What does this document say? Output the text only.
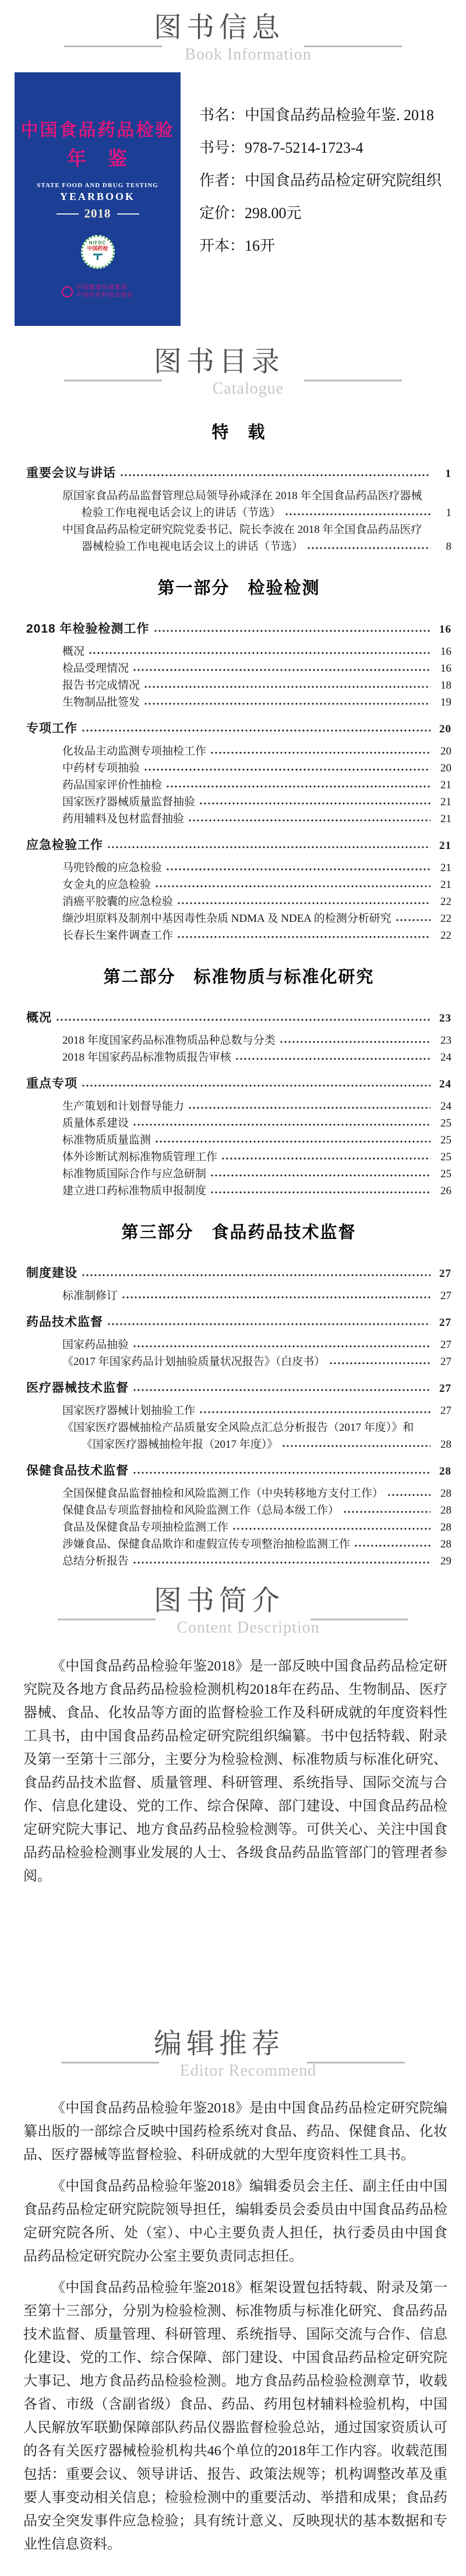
图书信息
Book Information
中国食品药品检验
年　鉴
STATE FOOD AND DRUG TESTING
YEARBOOK
2018
NIFDC
中国药检
中国健康传媒集团
中国医药科技出版社
书名：中国食品药品检验年鉴. 2018
书号：978-7-5214-1723-4
作者：中国食品药品检定研究院组织
定价：298.00元
开本：16开
图书目录
Catalogue
特　载
重要会议与讲话	1
原国家食品药品监督管理总局领导孙咸泽在 2018 年全国食品药品医疗器械
检验工作电视电话会议上的讲话（节选）	1
中国食品药品检定研究院党委书记、院长李波在 2018 年全国食品药品医疗
器械检验工作电视电话会议上的讲话（节选）	8
第一部分　检验检测
2018 年检验检测工作	16
概况	16
检品受理情况	16
报告书完成情况	18
生物制品批签发	19
专项工作	20
化妆品主动监测专项抽检工作	20
中药材专项抽验	20
药品国家评价性抽检	21
国家医疗器械质量监督抽验	21
药用辅料及包材监督抽验	21
应急检验工作	21
马兜铃酸的应急检验	21
女金丸的应急检验	21
消癌平胶囊的应急检验	22
缬沙坦原料及制剂中基因毒性杂质 NDMA 及 NDEA 的检测分析研究	22
长春长生案件调查工作	22
第二部分　标准物质与标准化研究
概况	23
2018 年度国家药品标准物质品种总数与分类	23
2018 年国家药品标准物质报告审核	24
重点专项	24
生产策划和计划督导能力	24
质量体系建设	25
标准物质质量监测	25
体外诊断试剂标准物质管理工作	25
标准物质国际合作与应急研制	25
建立进口药标准物质申报制度	26
第三部分　食品药品技术监督
制度建设	27
标准制修订	27
药品技术监督	27
国家药品抽验	27
《2017 年国家药品计划抽验质量状况报告》（白皮书）	27
医疗器械技术监督	27
国家医疗器械计划抽验工作	27
《国家医疗器械抽检产品质量安全风险点汇总分析报告（2017 年度）》和
《国家医疗器械抽检年报（2017 年度）》	28
保健食品技术监督	28
全国保健食品监督抽检和风险监测工作（中央转移地方支付工作）	28
保健食品专项监督抽检和风险监测工作（总局本级工作）	28
食品及保健食品专项抽检监测工作	28
涉嫌食品、保健食品欺诈和虚假宣传专项整治抽检监测工作	28
总结分析报告	29
图书简介
Content Description

《中国食品药品检验年鉴2018》是一部反映中国食品药品检定研究院及各地方食品药品检验检测机构2018年在药品、生物制品、医疗器械、食品、化妆品等方面的监督检验工作及科研成就的年度资料性工具书，由中国食品药品检定研究院组织编纂。书中包括特载、附录及第一至第十三部分，主要分为检验检测、标准物质与标准化研究、食品药品技术监督、质量管理、科研管理、系统指导、国际交流与合作、信息化建设、党的工作、综合保障、部门建设、中国食品药品检定研究院大事记、地方食品药品检验检测等。可供关心、关注中国食品药品检验检测事业发展的人士、各级食品药品监管部门的管理者参阅。

编辑推荐
Editor Recommend

《中国食品药品检验年鉴2018》是由中国食品药品检定研究院编纂出版的一部综合反映中国药检系统对食品、药品、保健食品、化妆品、医疗器械等监督检验、科研成就的大型年度资料性工具书。

《中国食品药品检验年鉴2018》编辑委员会主任、副主任由中国食品药品检定研究院院领导担任，编辑委员会委员由中国食品药品检定研究院各所、处（室）、中心主要负责人担任，执行委员由中国食品药品检定研究院办公室主要负责同志担任。

《中国食品药品检验年鉴2018》框架设置包括特载、附录及第一至第十三部分，分别为检验检测、标准物质与标准化研究、食品药品技术监督、质量管理、科研管理、系统指导、国际交流与合作、信息化建设、党的工作、综合保障、部门建设、中国食品药品检定研究院大事记、地方食品药品检验检测。地方食品药品检验检测章节，收载各省、市级（含副省级）食品、药品、药用包材辅料检验机构，中国人民解放军联勤保障部队药品仪器监督检验总站，通过国家资质认可的各有关医疗器械检验机构共46个单位的2018年工作内容。收载范围包括：重要会议、领导讲话、报告、政策法规等；机构调整改革及重要人事变动相关信息；检验检测中的重要活动、举措和成果；食品药品安全突发事件应急检验；具有统计意义、反映现状的基本数据和专业性信息资料。
